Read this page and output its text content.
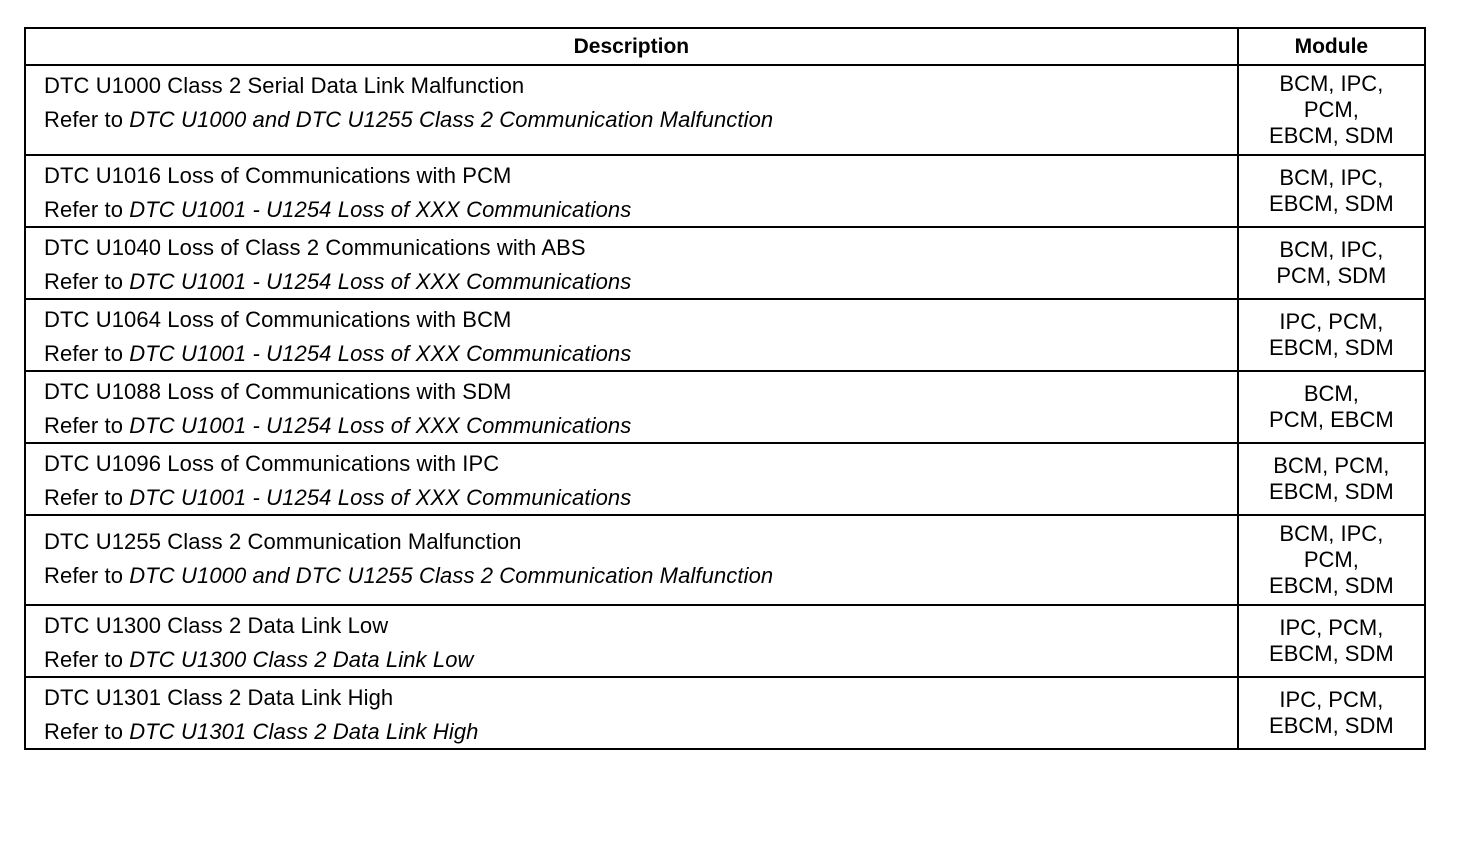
Description	Module

DTC U1000 Class 2 Serial Data Link Malfunction
Refer to DTC U1000 and DTC U1255 Class 2 Communication Malfunction	BCM, IPC,
PCM,
EBCM, SDM

DTC U1016 Loss of Communications with PCM
Refer to DTC U1001 - U1254 Loss of XXX Communications	BCM, IPC,
EBCM, SDM

DTC U1040 Loss of Class 2 Communications with ABS
Refer to DTC U1001 - U1254 Loss of XXX Communications	BCM, IPC,
PCM, SDM

DTC U1064 Loss of Communications with BCM
Refer to DTC U1001 - U1254 Loss of XXX Communications	IPC, PCM,
EBCM, SDM

DTC U1088 Loss of Communications with SDM
Refer to DTC U1001 - U1254 Loss of XXX Communications	BCM,
PCM, EBCM

DTC U1096 Loss of Communications with IPC
Refer to DTC U1001 - U1254 Loss of XXX Communications	BCM, PCM,
EBCM, SDM

DTC U1255 Class 2 Communication Malfunction
Refer to DTC U1000 and DTC U1255 Class 2 Communication Malfunction	BCM, IPC,
PCM,
EBCM, SDM

DTC U1300 Class 2 Data Link Low
Refer to DTC U1300 Class 2 Data Link Low	IPC, PCM,
EBCM, SDM

DTC U1301 Class 2 Data Link High
Refer to DTC U1301 Class 2 Data Link High	IPC, PCM,
EBCM, SDM
